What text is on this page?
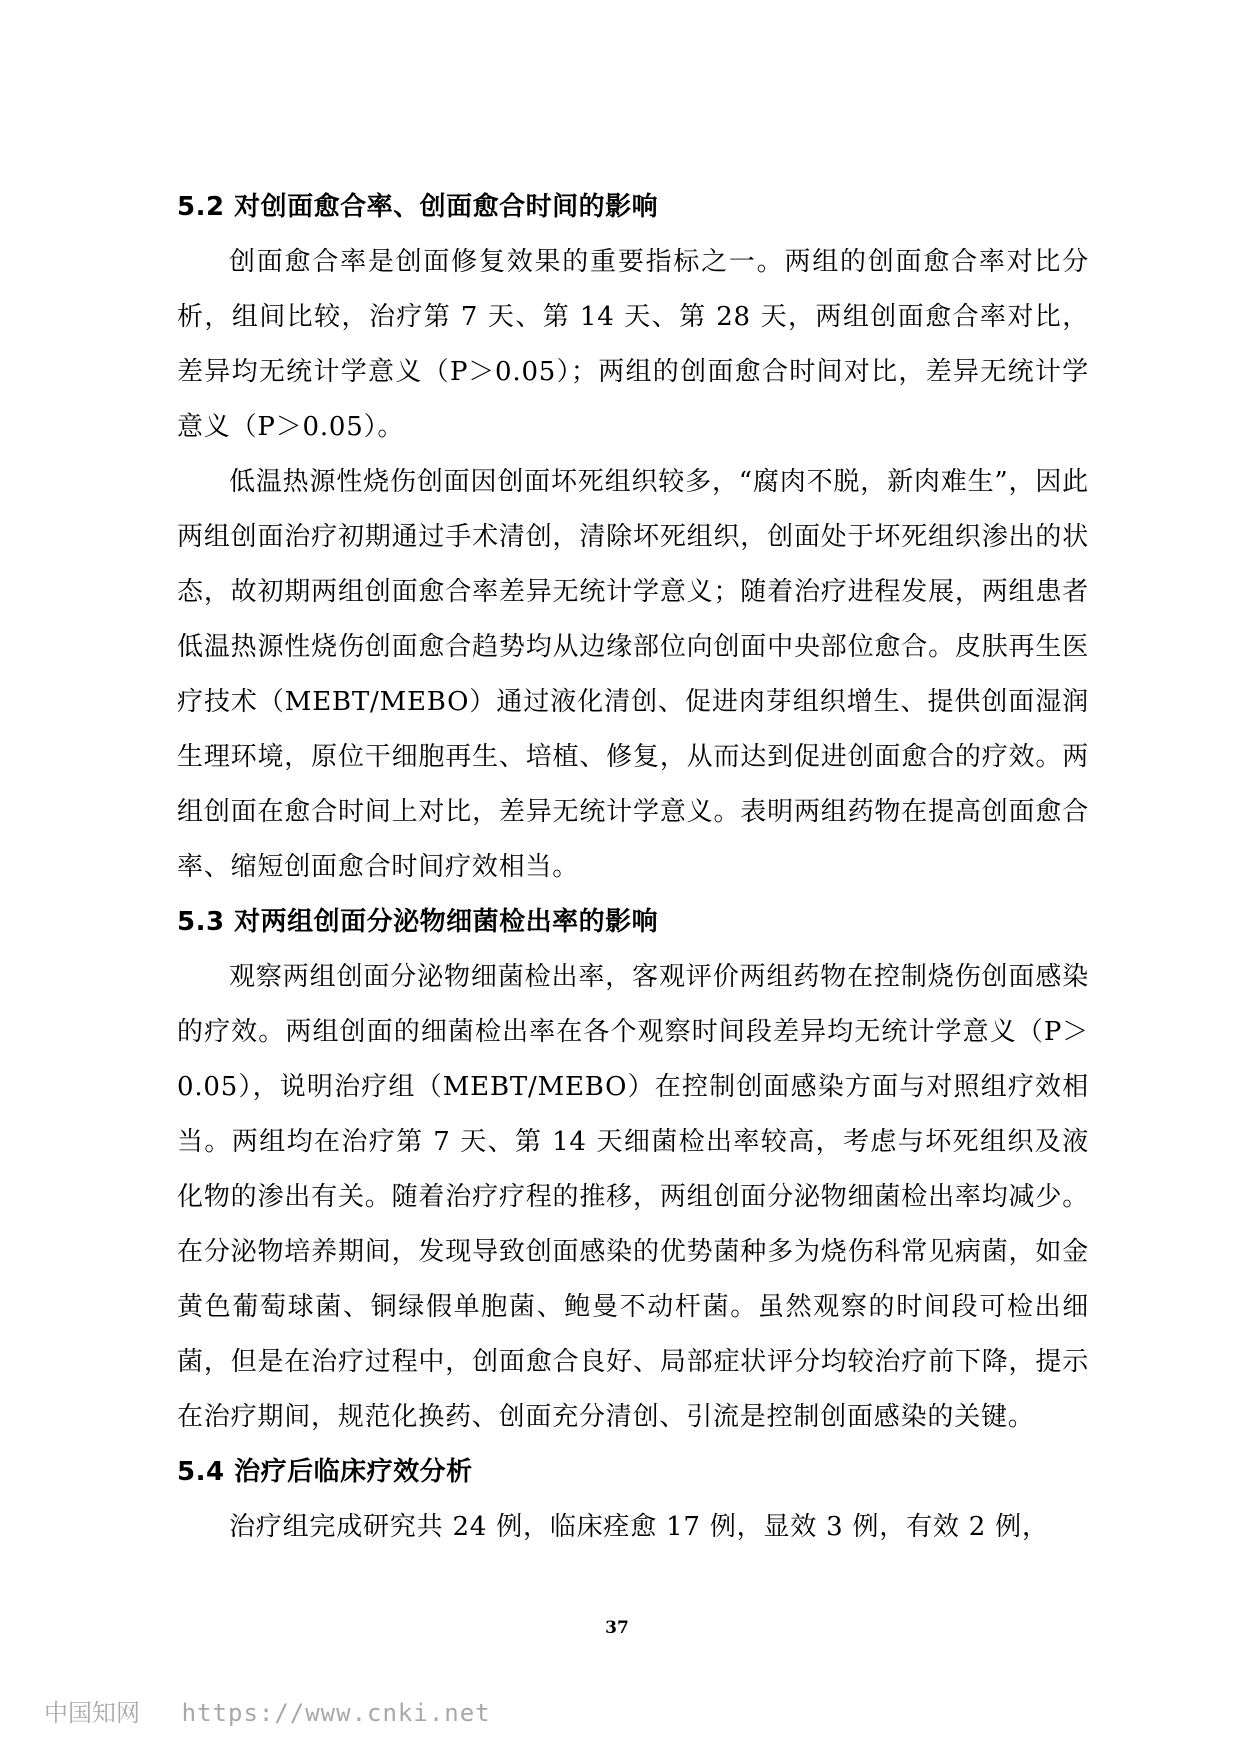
5.2 对创面愈合率、创面愈合时间的影响

创面愈合率是创面修复效果的重要指标之一。两组的创面愈合率对比分析，组间比较，治疗第 7 天、第 14 天、第 28 天，两组创面愈合率对比，差异均无统计学意义（P＞0.05）；两组的创面愈合时间对比，差异无统计学意义（P＞0.05）。

低温热源性烧伤创面因创面坏死组织较多，“腐肉不脱，新肉难生”，因此两组创面治疗初期通过手术清创，清除坏死组织，创面处于坏死组织渗出的状态，故初期两组创面愈合率差异无统计学意义；随着治疗进程发展，两组患者低温热源性烧伤创面愈合趋势均从边缘部位向创面中央部位愈合。皮肤再生医疗技术（MEBT/MEBO）通过液化清创、促进肉芽组织增生、提供创面湿润生理环境，原位干细胞再生、培植、修复，从而达到促进创面愈合的疗效。两组创面在愈合时间上对比，差异无统计学意义。表明两组药物在提高创面愈合率、缩短创面愈合时间疗效相当。

5.3 对两组创面分泌物细菌检出率的影响

观察两组创面分泌物细菌检出率，客观评价两组药物在控制烧伤创面感染的疗效。两组创面的细菌检出率在各个观察时间段差异均无统计学意义（P＞0.05），说明治疗组（MEBT/MEBO）在控制创面感染方面与对照组疗效相当。两组均在治疗第 7 天、第 14 天细菌检出率较高，考虑与坏死组织及液化物的渗出有关。随着治疗疗程的推移，两组创面分泌物细菌检出率均减少。在分泌物培养期间，发现导致创面感染的优势菌种多为烧伤科常见病菌，如金黄色葡萄球菌、铜绿假单胞菌、鲍曼不动杆菌。虽然观察的时间段可检出细菌，但是在治疗过程中，创面愈合良好、局部症状评分均较治疗前下降，提示在治疗期间，规范化换药、创面充分清创、引流是控制创面感染的关键。

5.4 治疗后临床疗效分析

治疗组完成研究共 24 例，临床痊愈 17 例，显效 3 例，有效 2 例，

37
中国知网 https://www.cnki.net
